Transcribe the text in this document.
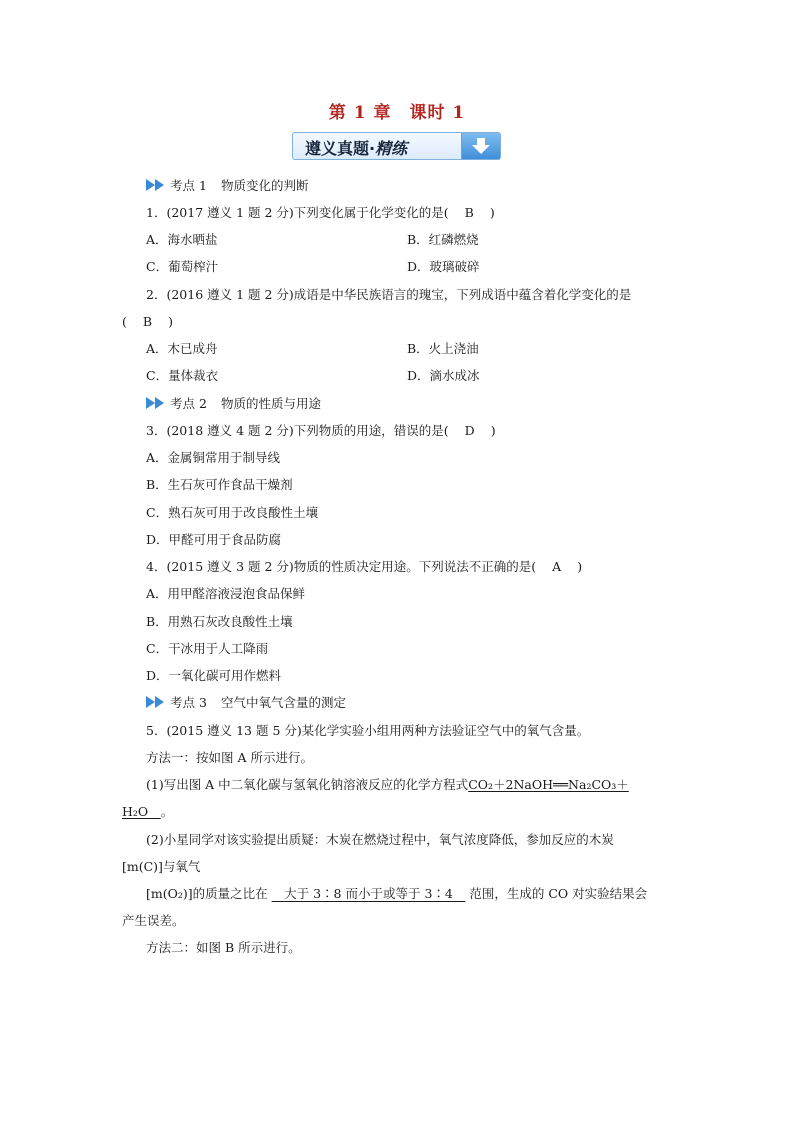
第 1 章　课时 1
遵义真题·精练
考点 1 物质变化的判断
1．(2017 遵义 1 题 2 分)下列变化属于化学变化的是( B )
A．海水晒盐	B．红磷燃烧
C．葡萄榨汁	D．玻璃破碎
2．(2016 遵义 1 题 2 分)成语是中华民族语言的瑰宝，下列成语中蕴含着化学变化的是
( B )
A．木已成舟	B．火上浇油
C．量体裁衣	D．滴水成冰
考点 2 物质的性质与用途
3．(2018 遵义 4 题 2 分)下列物质的用途，错误的是( D )
A．金属铜常用于制导线
B．生石灰可作食品干燥剂
C．熟石灰可用于改良酸性土壤
D．甲醛可用于食品防腐
4．(2015 遵义 3 题 2 分)物质的性质决定用途。下列说法不正确的是( A )
A．用甲醛溶液浸泡食品保鲜
B．用熟石灰改良酸性土壤
C．干冰用于人工降雨
D．一氧化碳可用作燃料
考点 3 空气中氧气含量的测定
5．(2015 遵义 13 题 5 分)某化学实验小组用两种方法验证空气中的氧气含量。
方法一：按如图 A 所示进行。
(1)写出图 A 中二氧化碳与氢氧化钠溶液反应的化学方程式CO₂＋2NaOH══Na₂CO₃＋
H₂O　 。
(2)小星同学对该实验提出质疑：木炭在燃烧过程中，氧气浓度降低，参加反应的木炭
[m(C)]与氧气
[m(O₂)]的质量之比在 　 大于 3∶8 而小于或等于 3∶4　 范围，生成的 CO 对实验结果会
产生误差。
方法二：如图 B 所示进行。
